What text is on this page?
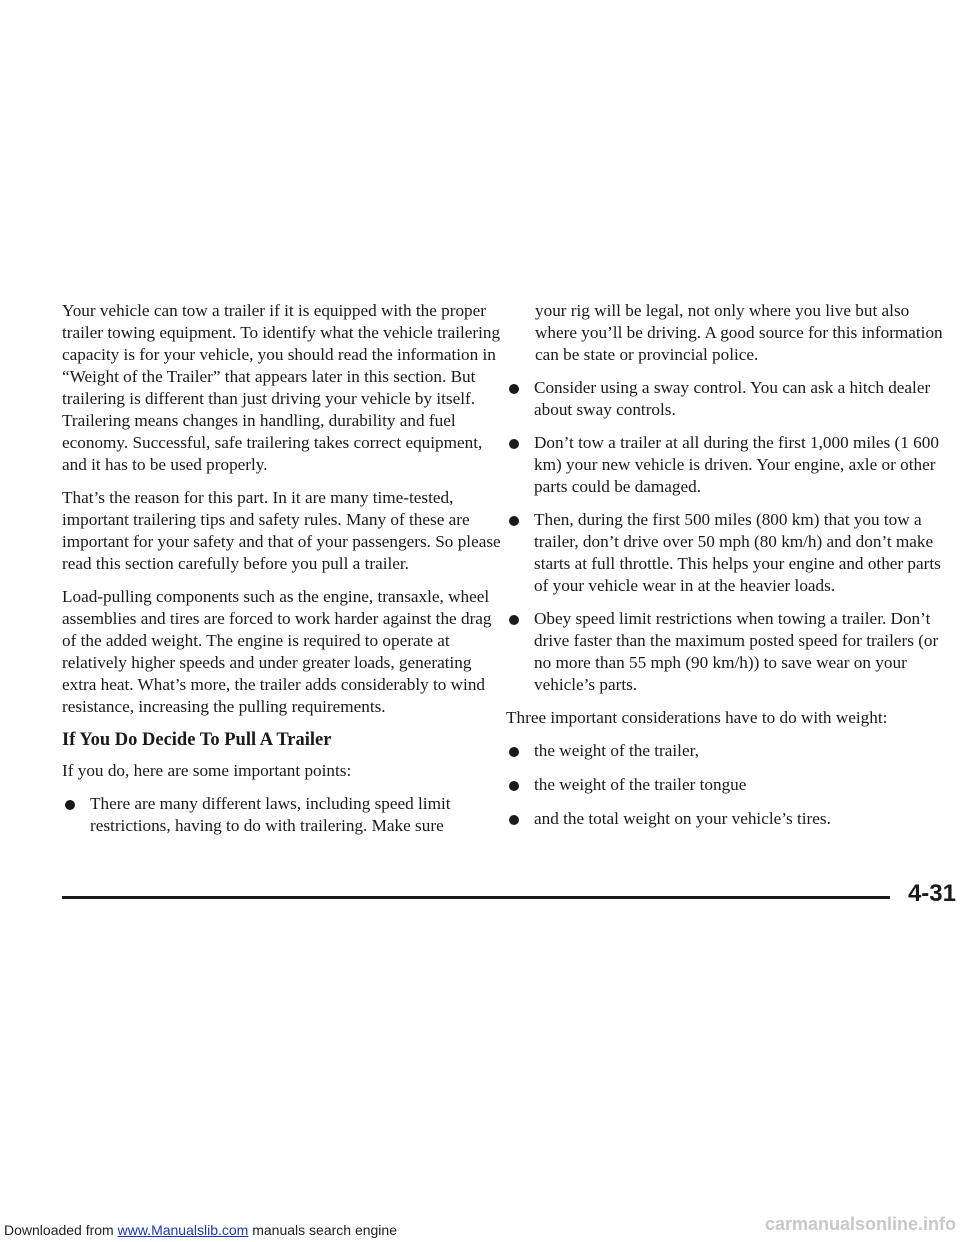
Your vehicle can tow a trailer if it is equipped with the proper trailer towing equipment. To identify what the vehicle trailering capacity is for your vehicle, you should read the information in “Weight of the Trailer” that appears later in this section. But trailering is different than just driving your vehicle by itself. Trailering means changes in handling, durability and fuel economy. Successful, safe trailering takes correct equipment, and it has to be used properly.

That’s the reason for this part. In it are many time-tested, important trailering tips and safety rules. Many of these are important for your safety and that of your passengers. So please read this section carefully before you pull a trailer.

Load-pulling components such as the engine, transaxle, wheel assemblies and tires are forced to work harder against the drag of the added weight. The engine is required to operate at relatively higher speeds and under greater loads, generating extra heat. What’s more, the trailer adds considerably to wind resistance, increasing the pulling requirements.

If You Do Decide To Pull A Trailer

If you do, here are some important points:

There are many different laws, including speed limit restrictions, having to do with trailering. Make sure

your rig will be legal, not only where you live but also where you’ll be driving. A good source for this information can be state or provincial police.

Consider using a sway control. You can ask a hitch dealer about sway controls.
Don’t tow a trailer at all during the first 1,000 miles (1 600 km) your new vehicle is driven. Your engine, axle or other parts could be damaged.
Then, during the first 500 miles (800 km) that you tow a trailer, don’t drive over 50 mph (80 km/h) and don’t make starts at full throttle. This helps your engine and other parts of your vehicle wear in at the heavier loads.
Obey speed limit restrictions when towing a trailer. Don’t drive faster than the maximum posted speed for trailers (or no more than 55 mph (90 km/h)) to save wear on your vehicle’s parts.

Three important considerations have to do with weight:

the weight of the trailer,
the weight of the trailer tongue
and the total weight on your vehicle’s tires.
4-31
Downloaded from www.Manualslib.com manuals search engine	carmanualsonline.info
